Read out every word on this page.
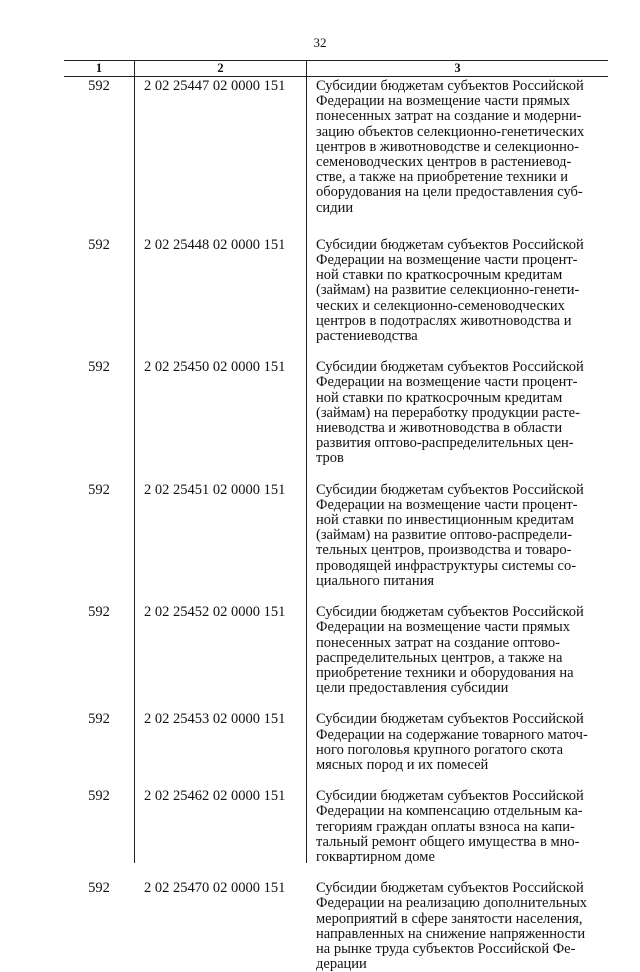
32
1	2	3
592	2 02 25447 02 0000 151	Субсидии бюджетам субъектов Российской
Федерации на возмещение части прямых
понесенных затрат на создание и модерни-
зацию объектов селекционно-генетических
центров в животноводстве и селекционно-
семеноводческих центров в растениевод-
стве, а также на приобретение техники и
оборудования на цели предоставления суб-
сидии
592	2 02 25448 02 0000 151	Субсидии бюджетам субъектов Российской
Федерации на возмещение части процент-
ной ставки по краткосрочным кредитам
(займам) на развитие селекционно-генети-
ческих и селекционно-семеноводческих
центров в подотраслях животноводства и
растениеводства
592	2 02 25450 02 0000 151	Субсидии бюджетам субъектов Российской
Федерации на возмещение части процент-
ной ставки по краткосрочным кредитам
(займам) на переработку продукции расте-
ниеводства и животноводства в области
развития оптово-распределительных цен-
тров
592	2 02 25451 02 0000 151	Субсидии бюджетам субъектов Российской
Федерации на возмещение части процент-
ной ставки по инвестиционным кредитам
(займам) на развитие оптово-распредели-
тельных центров, производства и товаро-
проводящей инфраструктуры системы со-
циального питания
592	2 02 25452 02 0000 151	Субсидии бюджетам субъектов Российской
Федерации на возмещение части прямых
понесенных затрат на создание оптово-
распределительных центров, а также на
приобретение техники и оборудования на
цели предоставления субсидии
592	2 02 25453 02 0000 151	Субсидии бюджетам субъектов Российской
Федерации на содержание товарного маточ-
ного поголовья крупного рогатого скота
мясных пород и их помесей
592	2 02 25462 02 0000 151	Субсидии бюджетам субъектов Российской
Федерации на компенсацию отдельным ка-
тегориям граждан оплаты взноса на капи-
тальный ремонт общего имущества в мно-
гоквартирном доме
592	2 02 25470 02 0000 151	Субсидии бюджетам субъектов Российской
Федерации на реализацию дополнительных
мероприятий в сфере занятости населения,
направленных на снижение напряженности
на рынке труда субъектов Российской Фе-
дерации
